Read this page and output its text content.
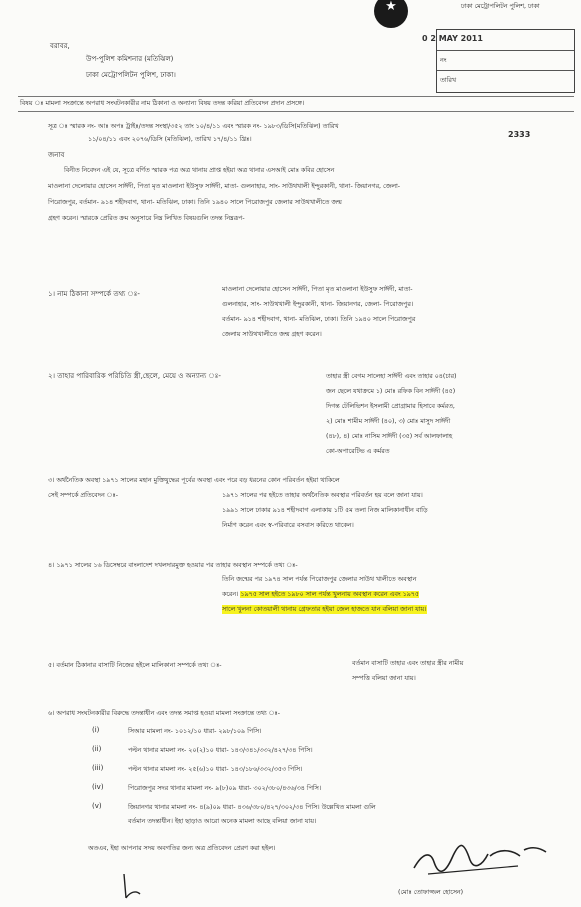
★	ঢাকা মেট্রোপলিটন পুলিশ, ঢাকা
0 2 MAY 2011
নং
তারিখ
বরাবর,
উপ-পুলিশ কমিশনার (মতিঝিল)
ঢাকা মেট্রোপলিটন পুলিশ, ঢাকা।
বিষয় ঃ মামলা সংক্রান্তে অপরাধ সংঘটনকারীর নাম ঠিকানা ও অন্যান্য বিষয় তদন্ত করিয়া প্রতিবেদন প্রদান প্রসঙ্গে।
সূত্র ঃ স্মারক নং- আঃ অপঃ ট্রাইঃ/তদন্ত সংস্থা/৩৫২ তাং ১০/৪/১১ এবং স্মারক নং- ১৯৮৩/ডিসি(মতিঝিল) তারিখ
১১/০৪/১১ এবং ২০৭৬/ডিসি (মতিঝিল), তারিখ ১৭/৪/১১ খ্রিঃ।
2333
জনাব
বিনীত নিবেদন এই যে, সূত্রে বর্ণিত স্মারক পত্র অত্র থানায় প্রাপ্ত হইয়া অত্র থানার এসআই মোঃ কবির হোসেন
মাওলানা দেলোয়ার হোসেন সাঈদী, পিতা মৃত মাওলানা ইউসুফ সাঈদী, মাতা- গুলনাহার, সাং- সাউথখালী ইন্দুরকানী, থানা- জিয়ানগর, জেলা-
পিরোজপুর, বর্তমান- ৯১৪ শহীদবাগ, থানা- মতিঝিল, ঢাকা। তিনি ১৯৪০ সালে পিরোজপুর জেলার সাউথখালীতে জন্ম
গ্রহণ করেন। স্মারকে প্রেরিত ক্রম অনুসারে নিম্ন লিখিত বিষয়গুলি তদন্ত নিম্নরূপ-
১। নাম ঠিকানা সম্পর্কে তথ্য ঃ-
মাওলানা দেলোয়ার হোসেন সাঈদী, পিতা মৃত মাওলানা ইউসুফ সাঈদী, মাতা-
গুলনাহার, সাং- সাউথখালী ইন্দুরকানী, থানা- জিয়ানগর, জেলা- পিরোজপুর।
বর্তমান- ৯১৪ শহীদবাগ, থানা- মতিঝিল, ঢাকা। তিনি ১৯৪০ সালে পিরোজপুর
জেলায় সাউথখালীতে জন্ম গ্রহণ করেন।
২। তাহার পারিবারিক পরিচিতি স্ত্রী,ছেলে, মেয়ে ও অন্যান্য ঃ-	তাহার স্ত্রী বেগম সালেহা সাঈদী এবং তাহার ০৪(চার)
জন ছেলে যথাক্রমে ১) মোঃ রফিক বিন সাঈদী (৪৫)
দিগন্ত টেলিভিশন ইসলামী প্রোগ্রামার হিসাবে কর্মরত,
২) মোঃ শামীম সাঈদী (৪০), ৩) মোঃ মাসুদ সাঈদী
(৪৮), ৪) মোঃ নাসিম সাঈদী (৩৫) সর্ব আলফালাহ
কো-অপারেটিভ এ কর্মরত
৩। অর্থনৈতিক অবস্থা ১৯৭১ সালের মহান মুক্তিযুদ্ধের পূর্বের অবস্থা এবং পরে বড় ধরনের কোন পরিবর্তন হইয়া থাকিলে
সেই সম্পর্কে প্রতিবেদন ঃ-	১৯৭১ সালের পর হইতে তাহার অর্থনৈতিক অবস্থার পরিবর্তন হয় বলে জানা যায়।
১৯৯১ সালে ঢাকার ৯১৪ শহীদবাগ এলাকায় ১টি ৫ম তলা নিজ মালিকানাধীন বাড়ি
নির্মাণ করেন এবং স্ব-পরিবারে বসবাস করিতে থাকেন।
৪। ১৯৭১ সালের ১৬ ডিসেম্বরে বাংলাদেশ দখলদারমুক্ত হওয়ার পর তাহার অবস্থান সম্পর্কে তথ্য ঃ-
তিনি জন্মের পর ১৯৭৪ সাল পর্যন্ত পিরোজপুর জেলার সাউথ খালীতে অবস্থান
করেন। ১৯৭৫ সাল হইতে ১৯৮০ সাল পর্যন্ত খুলনায় অবস্থান করেন এবং ১৯৭৫
সালে খুলনা কোতয়ালী থানায় গ্রেফতার হইয়া জেল হাজতে যান বলিয়া জানা যায়।
৫। বর্তমান ঠিকানার বাসাটি নিজের হইলে মালিকানা সম্পর্কে তথ্য ঃ-	বর্তমান বাসাটি তাহার এবং তাহার স্ত্রীর নামীয়
সম্পত্তি বলিয়া জানা যায়।
৬। অপরাধ সংঘটনকারীর বিরুদ্ধে তদন্তাধীন এবং তদন্ত সমাপ্ত হওয়া মামলা সংক্রান্তে তথ্য ঃ-
(i)	সিআর মামলা নং- ১০১২/১০ ধারা- ২৯৮/১০৯ পিসি।
(ii)	পল্টন থানার মামলা নং- ২০(২)১০ ধারা- ১৪৩/৩৪১/৩৩২/৪২৭/৩৪ পিসি।
(iii)	পল্টন থানার মামলা নং- ২৫(৬)১০ ধারা- ১৪৩/১৮৬/৩৩২/৩৫৩ পিসি।
(iv)	পিরোজপুর সদর থানার মামলা নং- ৯(৮)০৯ ধারা- ৩০২/৩৮০/৪৩৬/৩৪ পিসি।
(v)	জিয়ানগর থানার মামলা নং- ৪(৯)০৯ ধারা- ৪৩৬/৩৮০/৪২৭/৩০২/৩৪ পিসি। উল্লেখিত মামলা গুলি
বর্তমান তদন্তাধীন। ইহা ছাড়াও আরো অনেক মামলা আছে বলিয়া জানা যায়।
অতএব, ইহা আপনার সদয় অবগতির জন্য অত্র প্রতিবেদন প্রেরণ করা হইল।
(মোঃ তোফাজ্জল হোসেন)
